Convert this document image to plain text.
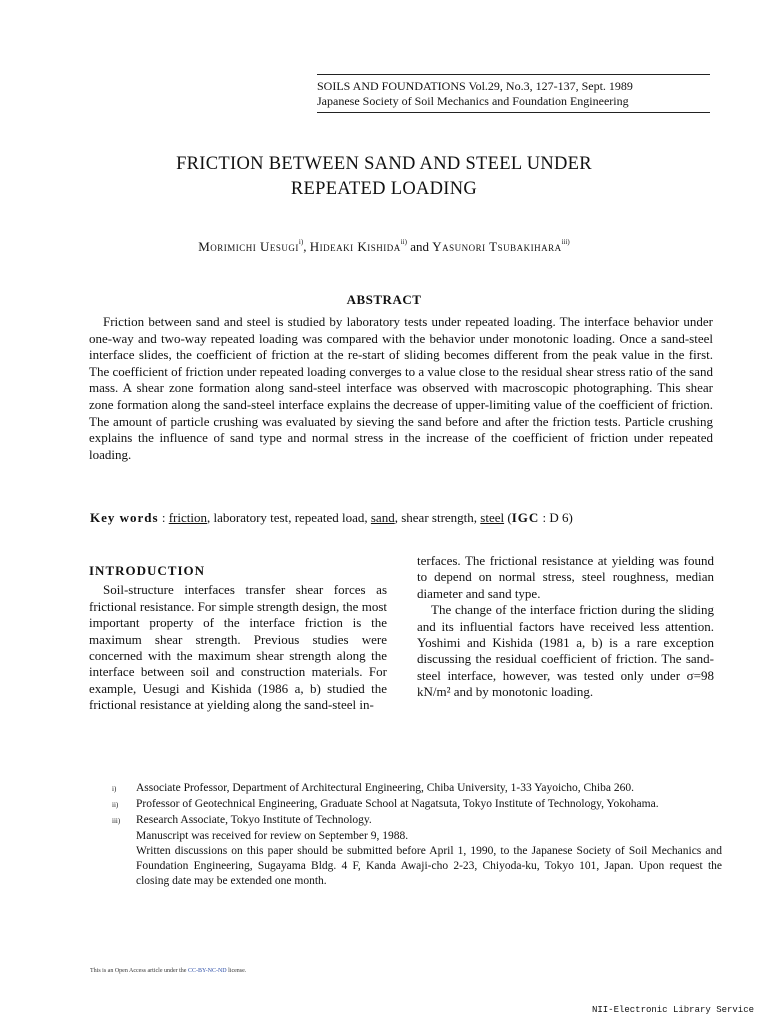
SOILS AND FOUNDATIONS Vol.29, No.3, 127-137, Sept. 1989
Japanese Society of Soil Mechanics and Foundation Engineering
FRICTION BETWEEN SAND AND STEEL UNDER
REPEATED LOADING
Morimichi Uesugi$^{i)}$, Hideaki Kishida$^{ii)}$ and Yasunori Tsubakihara$^{iii)}$
ABSTRACT

Friction between sand and steel is studied by laboratory tests under repeated loading. The interface behavior under one-way and two-way repeated loading was compared with the behavior under monotonic loading. Once a sand-steel interface slides, the coefficient of friction at the re-start of sliding becomes different from the peak value in the first. The coefficient of friction under repeated loading converges to a value close to the residual shear stress ratio of the sand mass. A shear zone formation along sand-steel interface was observed with macroscopic photographing. This shear zone formation along the sand-steel interface explains the decrease of upper-limiting value of the coefficient of friction. The amount of particle crushing was evaluated by sieving the sand before and after the friction tests. Particle crushing explains the influence of sand type and normal stress in the increase of the coefficient of friction under repeated loading.

Key words : friction, laboratory test, repeated load, sand, shear strength, steel (IGC : D 6)
INTRODUCTION

Soil-structure interfaces transfer shear forces as frictional resistance. For simple strength design, the most important property of the interface friction is the maximum shear strength. Previous studies were concerned with the maximum shear strength along the interface between soil and construction materials. For example, Uesugi and Kishida (1986 a, b) studied the frictional resistance at yielding along the sand-steel in-

terfaces. The frictional resistance at yielding was found to depend on normal stress, steel roughness, median diameter and sand type.

The change of the interface friction during the sliding and its influential factors have received less attention. Yoshimi and Kishida (1981 a, b) is a rare exception discussing the residual coefficient of friction. The sand-steel interface, however, was tested only under σ=98 kN/m² and by monotonic loading.

i)	Associate Professor, Department of Architectural Engineering, Chiba University, 1-33 Yayoicho, Chiba 260.
ii)	Professor of Geotechnical Engineering, Graduate School at Nagatsuta, Tokyo Institute of Technology, Yokohama.
iii)	Research Associate, Tokyo Institute of Technology.
Manuscript was received for review on September 9, 1988.
Written discussions on this paper should be submitted before April 1, 1990, to the Japanese Society of Soil Mechanics and Foundation Engineering, Sugayama Bldg. 4 F, Kanda Awaji-cho 2-23, Chiyoda-ku, Tokyo 101, Japan. Upon request the closing date may be extended one month.
This is an Open Access article under the CC-BY-NC-ND license.
NII-Electronic Library Service
